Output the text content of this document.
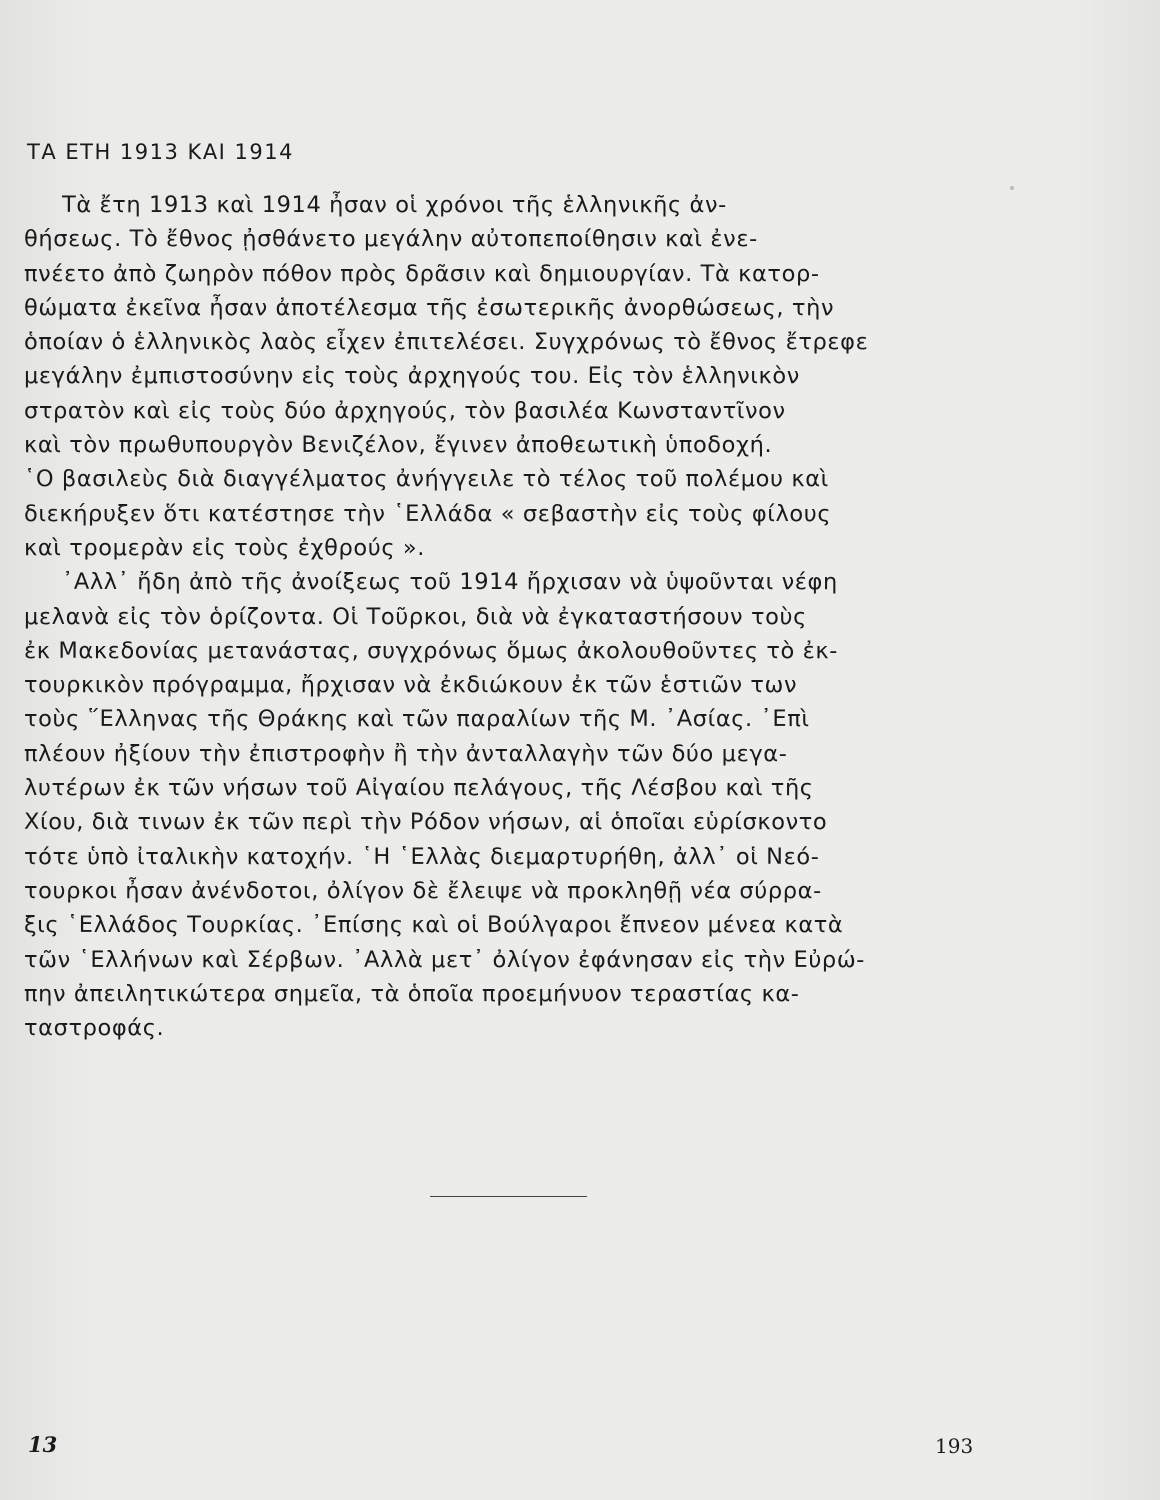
ΤΑ ΕΤΗ 1913 ΚΑΙ 1914
Τὰ ἔτη 1913 καὶ 1914 ἦσαν οἱ χρόνοι τῆς ἑλληνικῆς ἀν-
θήσεως. Τὸ ἔθνος ᾐσθάνετο μεγάλην αὐτοπεποίθησιν καὶ ἐνε-
πνέετο ἀπὸ ζωηρὸν πόθον πρὸς δρᾶσιν καὶ δημιουργίαν. Τὰ κατορ-
θώματα ἐκεῖνα ἦσαν ἀποτέλεσμα τῆς ἐσωτερικῆς ἀνορθώσεως, τὴν
ὁποίαν ὁ ἑλληνικὸς λαὸς εἶχεν ἐπιτελέσει. Συγχρόνως τὸ ἔθνος ἔτρεφε
μεγάλην ἐμπιστοσύνην εἰς τοὺς ἀρχηγούς του. Εἰς τὸν ἑλληνικὸν
στρατὸν καὶ εἰς τοὺς δύο ἀρχηγούς, τὸν βασιλέα Κωνσταντῖνον
καὶ τὸν πρωθυπουργὸν Βενιζέλον, ἔγινεν ἀποθεωτικὴ ὑποδοχή.
῾Ο βασιλεὺς διὰ διαγγέλματος ἀνήγγειλε τὸ τέλος τοῦ πολέμου καὶ
διεκήρυξεν ὅτι κατέστησε τὴν ῾Ελλάδα « σεβαστὴν εἰς τοὺς φίλους
καὶ τρομερὰν εἰς τοὺς ἐχθρούς ».
᾿Αλλ᾿ ἤδη ἀπὸ τῆς ἀνοίξεως τοῦ 1914 ἤρχισαν νὰ ὑψοῦνται νέφη
μελανὰ εἰς τὸν ὁρίζοντα. Οἱ Τοῦρκοι, διὰ νὰ ἐγκαταστήσουν τοὺς
ἐκ Μακεδονίας μετανάστας, συγχρόνως ὅμως ἀκολουθοῦντες τὸ ἐκ-
τουρκικὸν πρόγραμμα, ἤρχισαν νὰ ἐκδιώκουν ἐκ τῶν ἑστιῶν των
τοὺς ῞Ελληνας τῆς Θράκης καὶ τῶν παραλίων τῆς Μ. ᾿Ασίας. ᾿Επὶ
πλέουν ἠξίουν τὴν ἐπιστροφὴν ἢ τὴν ἀνταλλαγὴν τῶν δύο μεγα-
λυτέρων ἐκ τῶν νήσων τοῦ Αἰγαίου πελάγους, τῆς Λέσβου καὶ τῆς
Χίου, διὰ τινων ἐκ τῶν περὶ τὴν Ρόδον νήσων, αἱ ὁποῖαι εὑρίσκοντο
τότε ὑπὸ ἰταλικὴν κατοχήν. ῾Η ῾Ελλὰς διεμαρτυρήθη, ἀλλ᾿ οἱ Νεό-
τουρκοι ἦσαν ἀνένδοτοι, ὀλίγον δὲ ἔλειψε νὰ προκληθῇ νέα σύρρα-
ξις ῾Ελλάδος Τουρκίας. ᾿Επίσης καὶ οἱ Βούλγαροι ἔπνεον μένεα κατὰ
τῶν ῾Ελλήνων καὶ Σέρβων. ᾿Αλλὰ μετ᾿ ὀλίγον ἐφάνησαν εἰς τὴν Εὐρώ-
πην ἀπειλητικώτερα σημεῖα, τὰ ὁποῖα προεμήνυον τεραστίας κα-
ταστροφάς.
13	193
